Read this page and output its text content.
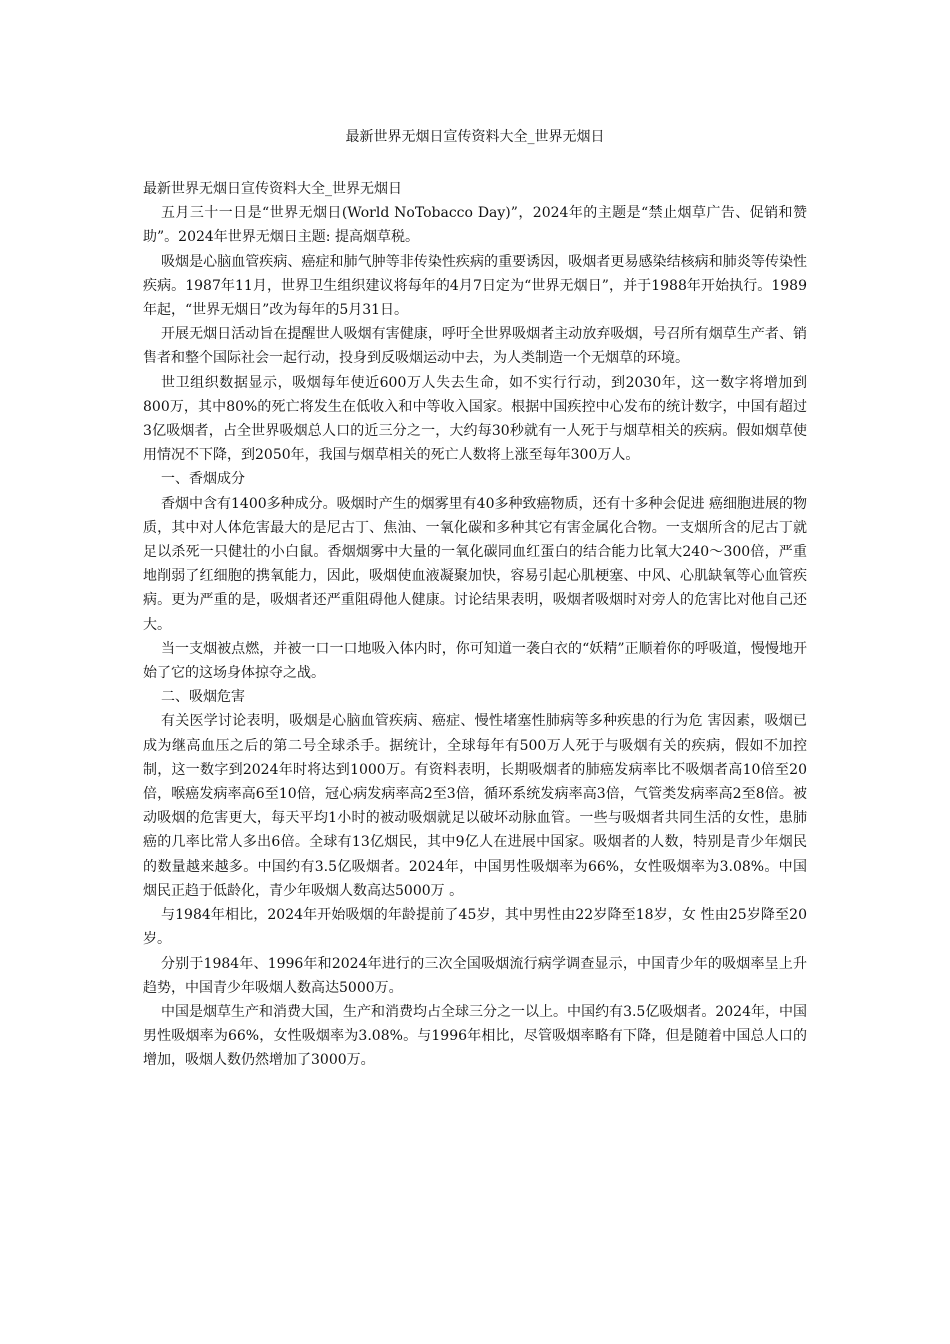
最新世界无烟日宣传资料大全_世界无烟日

最新世界无烟日宣传资料大全_世界无烟日

五月三十一日是“世界无烟日(World NoTobacco Day)”，2024年的主题是“禁止烟草广告、促销和赞助”。2024年世界无烟日主题: 提高烟草税。

吸烟是心脑血管疾病、癌症和肺气肿等非传染性疾病的重要诱因，吸烟者更易感染结核病和肺炎等传染性疾病。1987年11月，世界卫生组织建议将每年的4月7日定为“世界无烟日”，并于1988年开始执行。1989年起，“世界无烟日”改为每年的5月31日。

开展无烟日活动旨在提醒世人吸烟有害健康，呼吁全世界吸烟者主动放弃吸烟，号召所有烟草生产者、销售者和整个国际社会一起行动，投身到反吸烟运动中去，为人类制造一个无烟草的环境。

世卫组织数据显示，吸烟每年使近600万人失去生命，如不实行行动，到2030年，这一数字将增加到800万，其中80%的死亡将发生在低收入和中等收入国家。根据中国疾控中心发布的统计数字，中国有超过3亿吸烟者，占全世界吸烟总人口的近三分之一，大约每30秒就有一人死于与烟草相关的疾病。假如烟草使用情况不下降，到2050年，我国与烟草相关的死亡人数将上涨至每年300万人。

一、香烟成分

香烟中含有1400多种成分。吸烟时产生的烟雾里有40多种致癌物质，还有十多种会促进 癌细胞进展的物质，其中对人体危害最大的是尼古丁、焦油、一氧化碳和多种其它有害金属化合物。一支烟所含的尼古丁就足以杀死一只健壮的小白鼠。香烟烟雾中大量的一氧化碳同血红蛋白的结合能力比氧大240～300倍，严重地削弱了红细胞的携氧能力，因此，吸烟使血液凝聚加快，容易引起心肌梗塞、中风、心肌缺氧等心血管疾病。更为严重的是，吸烟者还严重阻碍他人健康。讨论结果表明，吸烟者吸烟时对旁人的危害比对他自己还大。

当一支烟被点燃，并被一口一口地吸入体内时，你可知道一袭白衣的“妖精”正顺着你的呼吸道，慢慢地开始了它的这场身体掠夺之战。

二、吸烟危害

有关医学讨论表明，吸烟是心脑血管疾病、癌症、慢性堵塞性肺病等多种疾患的行为危 害因素，吸烟已成为继高血压之后的第二号全球杀手。据统计，全球每年有500万人死于与吸烟有关的疾病，假如不加控制，这一数字到2024年时将达到1000万。有资料表明，长期吸烟者的肺癌发病率比不吸烟者高10倍至20倍，喉癌发病率高6至10倍，冠心病发病率高2至3倍，循环系统发病率高3倍，气管类发病率高2至8倍。被动吸烟的危害更大，每天平均1小时的被动吸烟就足以破坏动脉血管。一些与吸烟者共同生活的女性，患肺癌的几率比常人多出6倍。全球有13亿烟民，其中9亿人在进展中国家。吸烟者的人数，特别是青少年烟民的数量越来越多。中国约有3.5亿吸烟者。2024年，中国男性吸烟率为66%，女性吸烟率为3.08%。中国烟民正趋于低龄化，青少年吸烟人数高达5000万 。

与1984年相比，2024年开始吸烟的年龄提前了45岁，其中男性由22岁降至18岁，女 性由25岁降至20岁。

分别于1984年、1996年和2024年进行的三次全国吸烟流行病学调查显示，中国青少年的吸烟率呈上升趋势，中国青少年吸烟人数高达5000万。

中国是烟草生产和消费大国，生产和消费均占全球三分之一以上。中国约有3.5亿吸烟者。2024年，中国男性吸烟率为66%，女性吸烟率为3.08%。与1996年相比，尽管吸烟率略有下降，但是随着中国总人口的增加，吸烟人数仍然增加了3000万。
